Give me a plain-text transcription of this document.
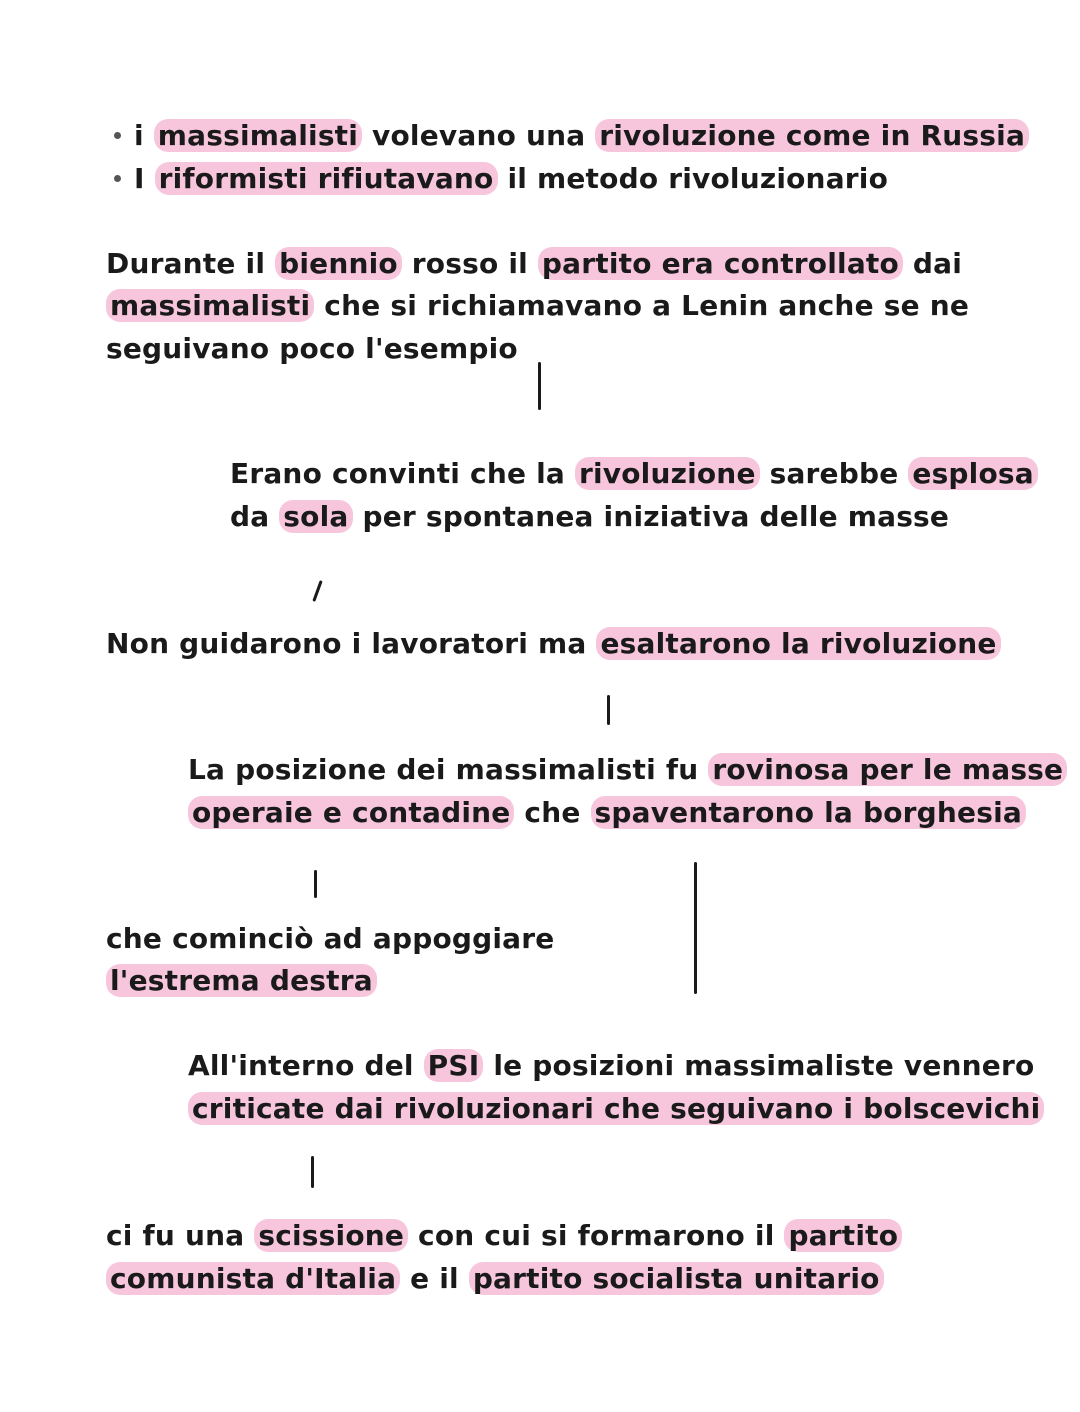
i massimalisti volevano una rivoluzione come in Russia
I riformisti rifiutavano il metodo rivoluzionario
Durante il biennio rosso il partito era controllato dai
massimalisti che si richiamavano a Lenin anche se ne
seguivano poco l'esempio
Erano convinti che la rivoluzione sarebbe esplosa
da sola per spontanea iniziativa delle masse
Non guidarono i lavoratori ma esaltarono la rivoluzione
La posizione dei massimalisti fu rovinosa per le masse
operaie e contadine che spaventarono la borghesia
che cominciò ad appoggiare
l'estrema destra
All'interno del PSI le posizioni massimaliste vennero
criticate dai rivoluzionari che seguivano i bolscevichi
ci fu una scissione con cui si formarono il partito
comunista d'Italia e il partito socialista unitario
